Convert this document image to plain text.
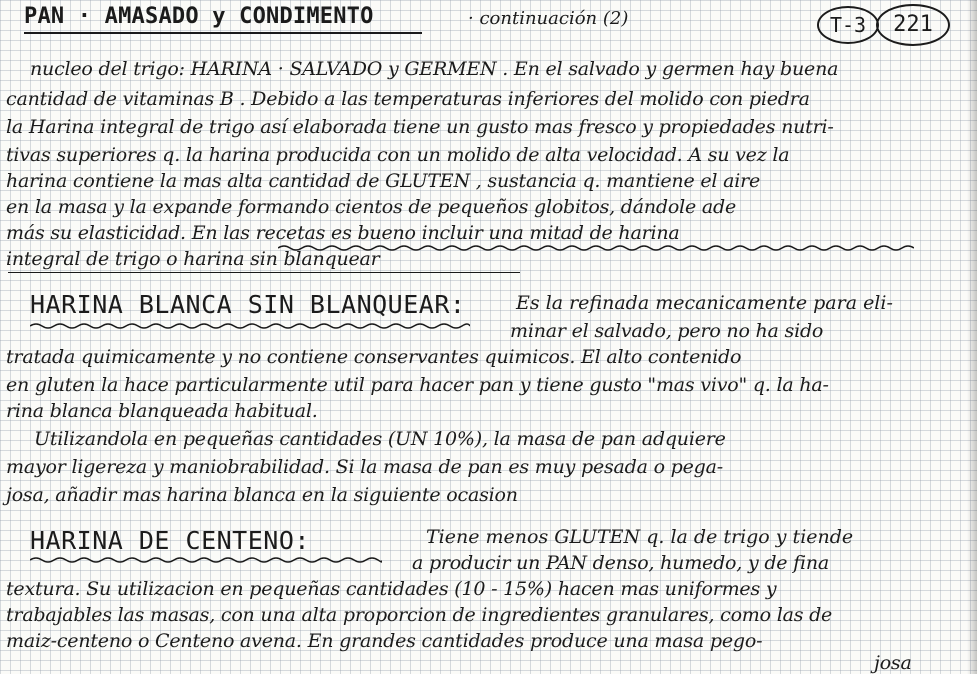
PAN · AMASADO y CONDIMENTO	· continuación (2)	T-3	221
nucleo del trigo: HARINA · SALVADO y GERMEN . En el salvado y germen hay buena
cantidad de vitaminas B . Debido a las temperaturas inferiores del molido con piedra
la Harina integral de trigo así elaborada tiene un gusto mas fresco y propiedades nutri-
tivas superiores q. la harina producida con un molido de alta velocidad. A su vez la
harina contiene la mas alta cantidad de GLUTEN , sustancia q. mantiene el aire
en la masa y la expande formando cientos de pequeños globitos, dándole ade
más su elasticidad. En las recetas es bueno incluir una mitad de harina
integral de trigo o harina sin blanquear
HARINA BLANCA SIN BLANQUEAR:	Es la refinada mecanicamente para eli-
minar el salvado, pero no ha sido
tratada quimicamente y no contiene conservantes quimicos. El alto contenido
en gluten la hace particularmente util para hacer pan y tiene gusto "mas vivo" q. la ha-
rina blanca blanqueada habitual.
Utilizandola en pequeñas cantidades (UN 10%), la masa de pan adquiere
mayor ligereza y maniobrabilidad. Si la masa de pan es muy pesada o pega-
josa, añadir mas harina blanca en la siguiente ocasion
HARINA DE CENTENO:	Tiene menos GLUTEN q. la de trigo y tiende
a producir un PAN denso, humedo, y de fina
textura. Su utilizacion en pequeñas cantidades (10 - 15%) hacen mas uniformes y
trabajables las masas, con una alta proporcion de ingredientes granulares, como las de
maiz-centeno o Centeno avena. En grandes cantidades produce una masa pego-
josa
